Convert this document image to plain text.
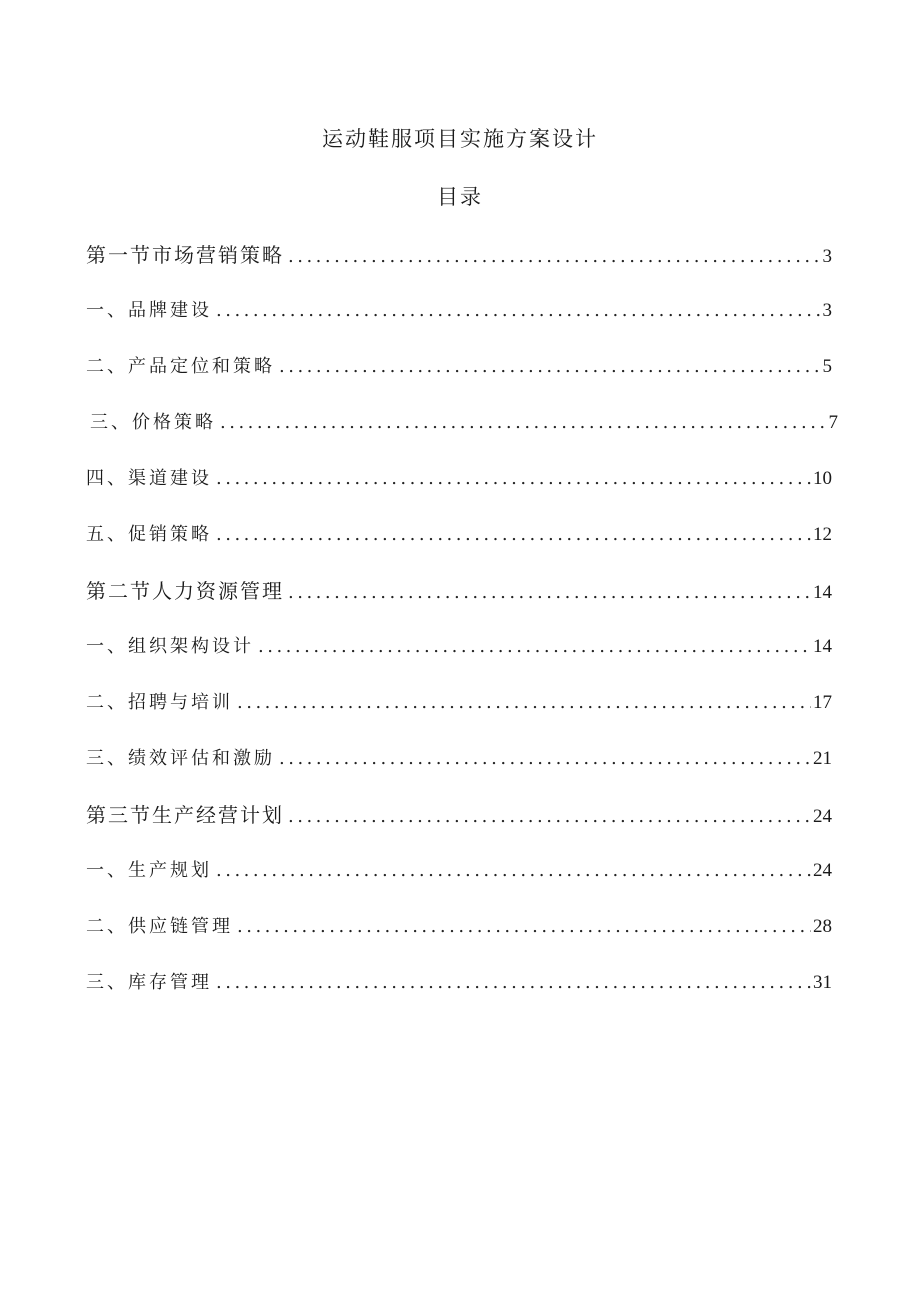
运动鞋服项目实施方案设计
目录
第一节市场营销策略 .....	3
一、品牌建设 .....	3
二、产品定位和策略 .....	5
三、价格策略 .....	7
四、渠道建设 .....	10
五、促销策略 .....	12
第二节人力资源管理 .....	14
一、组织架构设计 .....	14
二、招聘与培训 .....	17
三、绩效评估和激励 .....	21
第三节生产经营计划 .....	24
一、生产规划 .....	24
二、供应链管理 .....	28
三、库存管理 .....	31
